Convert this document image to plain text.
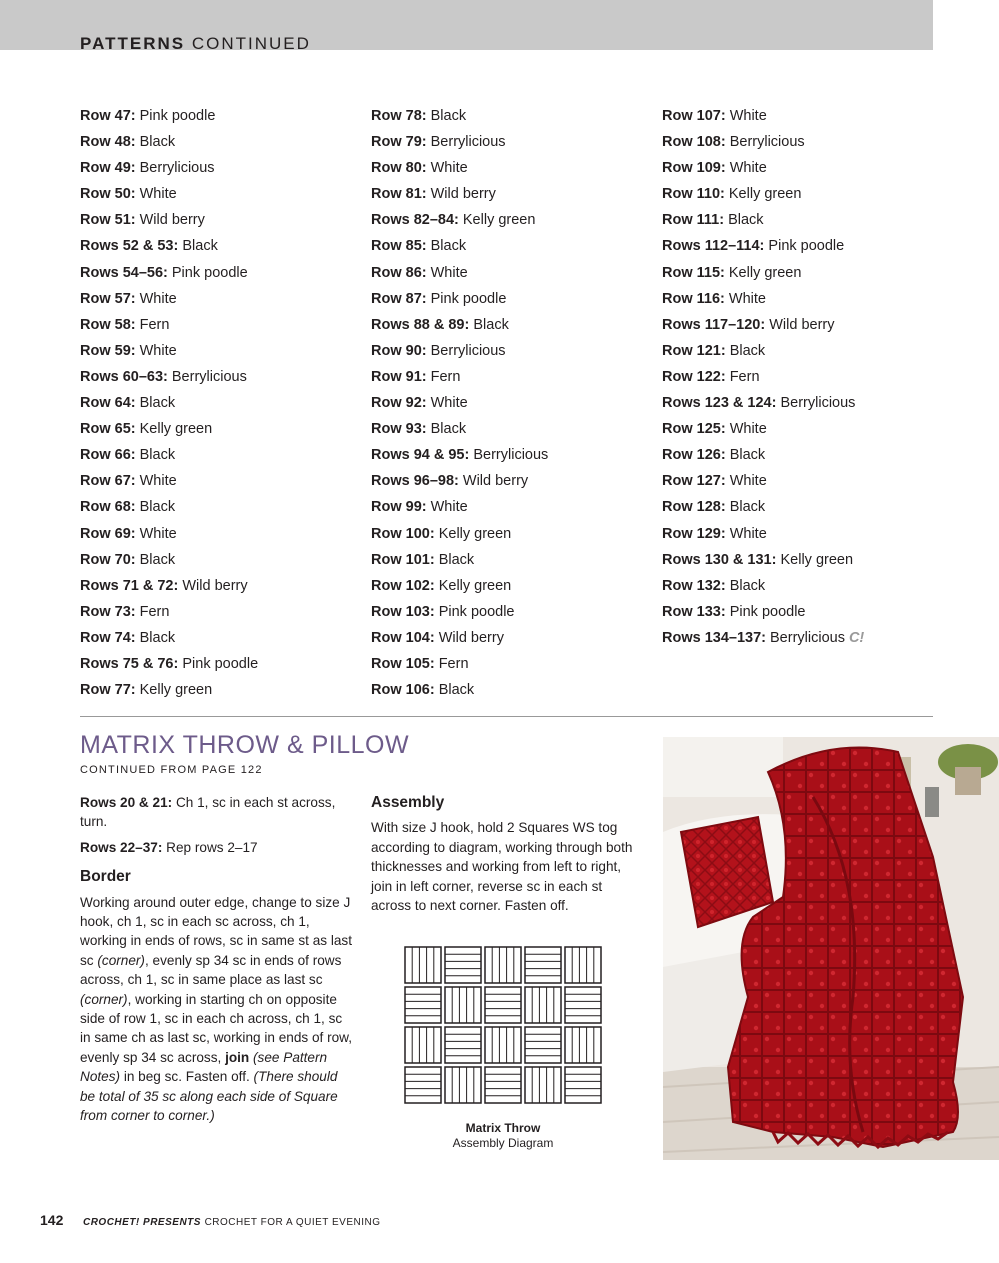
PATTERNS CONTINUED
Row 47: Pink poodle
Row 48: Black
Row 49: Berrylicious
Row 50: White
Row 51: Wild berry
Rows 52 & 53: Black
Rows 54–56: Pink poodle
Row 57: White
Row 58: Fern
Row 59: White
Rows 60–63: Berrylicious
Row 64: Black
Row 65: Kelly green
Row 66: Black
Row 67: White
Row 68: Black
Row 69: White
Row 70: Black
Rows 71 & 72: Wild berry
Row 73: Fern
Row 74: Black
Rows 75 & 76: Pink poodle
Row 77: Kelly green
Row 78: Black
Row 79: Berrylicious
Row 80: White
Row 81: Wild berry
Rows 82–84: Kelly green
Row 85: Black
Row 86: White
Row 87: Pink poodle
Rows 88 & 89: Black
Row 90: Berrylicious
Row 91: Fern
Row 92: White
Row 93: Black
Rows 94 & 95: Berrylicious
Rows 96–98: Wild berry
Row 99: White
Row 100: Kelly green
Row 101: Black
Row 102: Kelly green
Row 103: Pink poodle
Row 104: Wild berry
Row 105: Fern
Row 106: Black
Row 107: White
Row 108: Berrylicious
Row 109: White
Row 110: Kelly green
Row 111: Black
Rows 112–114: Pink poodle
Row 115: Kelly green
Row 116: White
Rows 117–120: Wild berry
Row 121: Black
Row 122: Fern
Rows 123 & 124: Berrylicious
Row 125: White
Row 126: Black
Row 127: White
Row 128: Black
Row 129: White
Rows 130 & 131: Kelly green
Row 132: Black
Row 133: Pink poodle
Rows 134–137: Berrylicious C!
MATRIX THROW & PILLOW
CONTINUED FROM PAGE 122

Rows 20 & 21: Ch 1, sc in each st across, turn.

Rows 22–37: Rep rows 2–17

Border

Working around outer edge, change to size J hook, ch 1, sc in each sc across, ch 1, working in ends of rows, sc in same st as last sc (corner), evenly sp 34 sc in ends of rows across, ch 1, sc in same place as last sc (corner), working in starting ch on opposite side of row 1, sc in each ch across, ch 1, sc in same ch as last sc, working in ends of row, evenly sp 34 sc across, join (see Pattern Notes) in beg sc. Fasten off. (There should be total of 35 sc along each side of Square from corner to corner.)

Assembly

With size J hook, hold 2 Squares WS tog according to diagram, working through both thicknesses and working from left to right, join in left corner, reverse sc in each st across to next corner. Fasten off.

Matrix Throw
Assembly Diagram
142 CROCHET! PRESENTS CROCHET FOR A QUIET EVENING
